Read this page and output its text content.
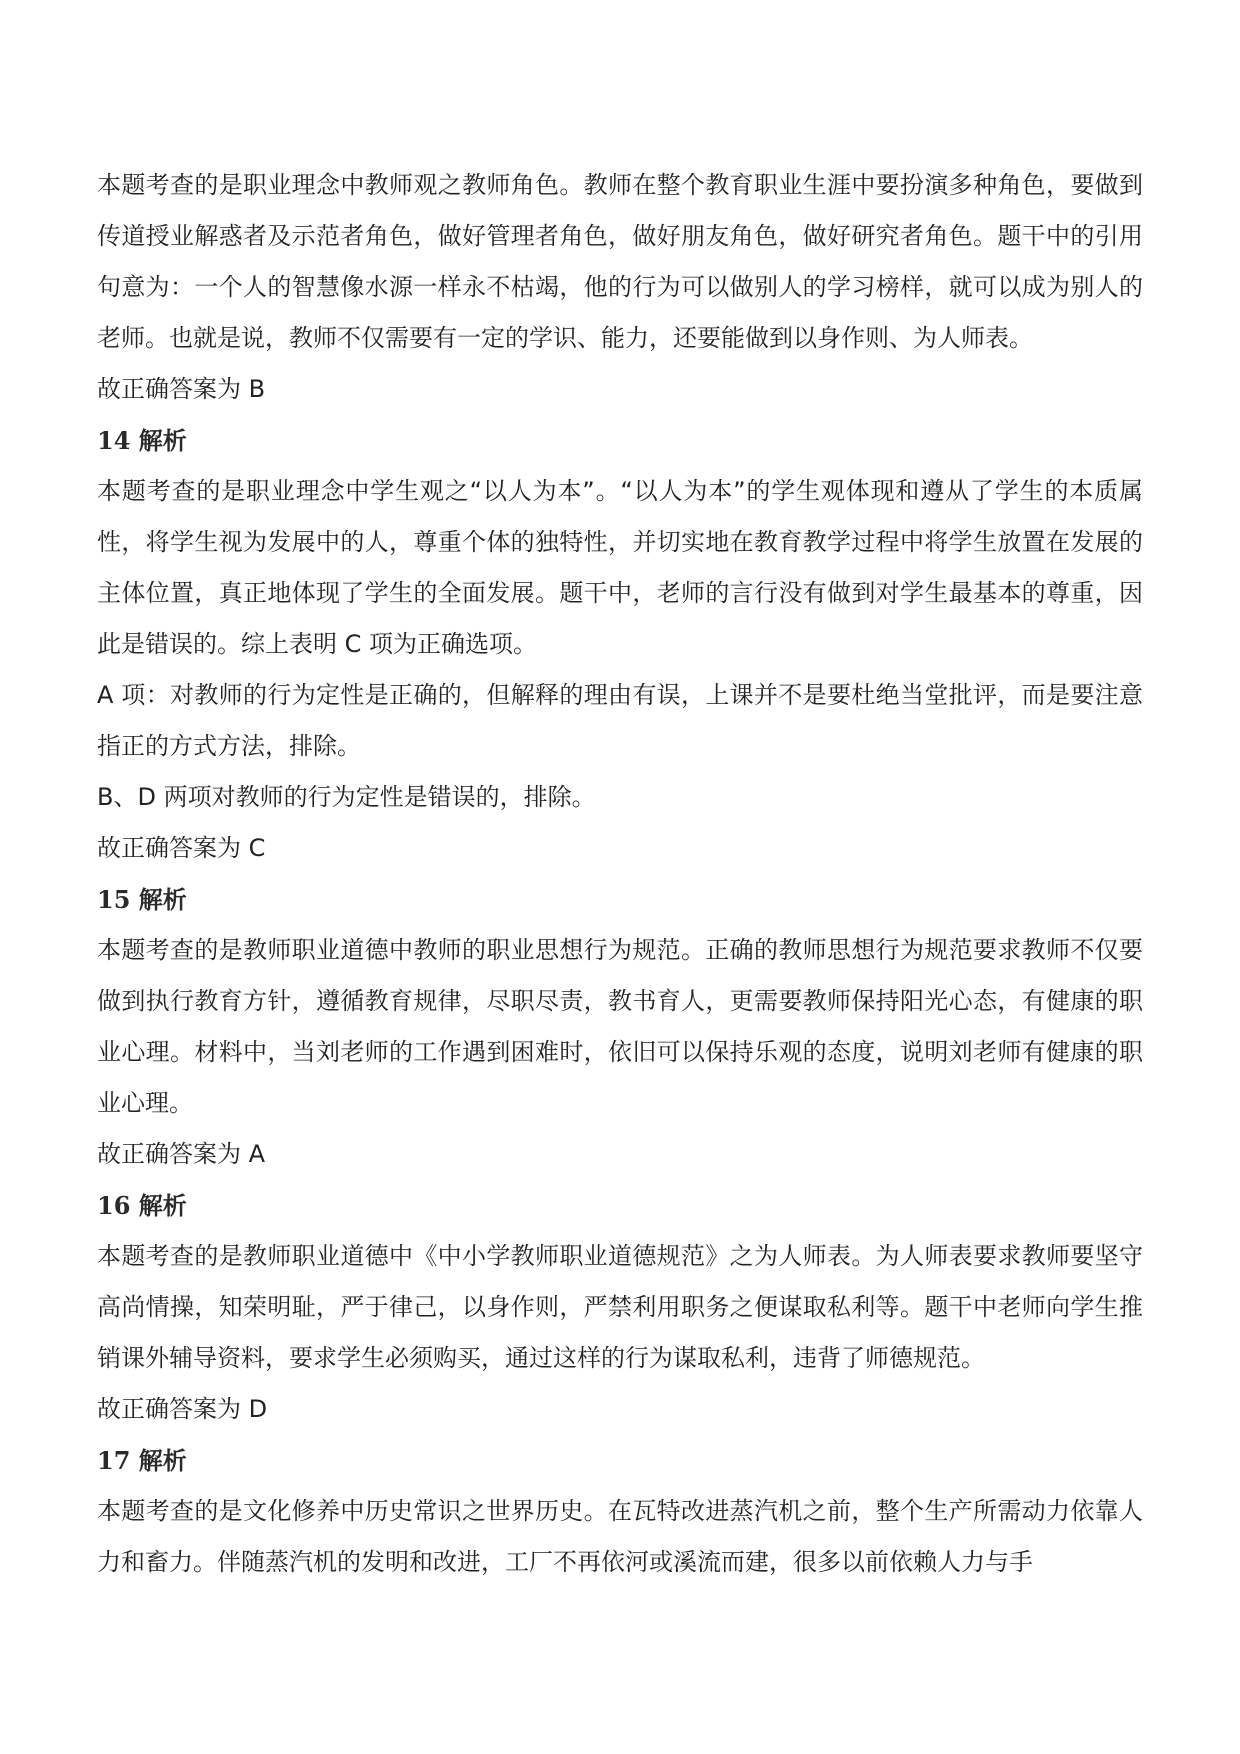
本题考查的是职业理念中教师观之教师角色。教师在整个教育职业生涯中要扮演多种角色，要做到传道授业解惑者及示范者角色，做好管理者角色，做好朋友角色，做好研究者角色。题干中的引用句意为：一个人的智慧像水源一样永不枯竭，他的行为可以做别人的学习榜样，就可以成为别人的老师。也就是说，教师不仅需要有一定的学识、能力，还要能做到以身作则、为人师表。

故正确答案为 B

14 解析

本题考查的是职业理念中学生观之“以人为本”。“以人为本”的学生观体现和遵从了学生的本质属性，将学生视为发展中的人，尊重个体的独特性，并切实地在教育教学过程中将学生放置在发展的主体位置，真正地体现了学生的全面发展。题干中，老师的言行没有做到对学生最基本的尊重，因此是错误的。综上表明 C 项为正确选项。

A 项：对教师的行为定性是正确的，但解释的理由有误，上课并不是要杜绝当堂批评，而是要注意指正的方式方法，排除。

B、D 两项对教师的行为定性是错误的，排除。

故正确答案为 C

15 解析

本题考查的是教师职业道德中教师的职业思想行为规范。正确的教师思想行为规范要求教师不仅要做到执行教育方针，遵循教育规律，尽职尽责，教书育人，更需要教师保持阳光心态，有健康的职业心理。材料中，当刘老师的工作遇到困难时，依旧可以保持乐观的态度，说明刘老师有健康的职业心理。

故正确答案为 A

16 解析

本题考查的是教师职业道德中《中小学教师职业道德规范》之为人师表。为人师表要求教师要坚守高尚情操，知荣明耻，严于律己，以身作则，严禁利用职务之便谋取私利等。题干中老师向学生推销课外辅导资料，要求学生必须购买，通过这样的行为谋取私利，违背了师德规范。

故正确答案为 D

17 解析

本题考查的是文化修养中历史常识之世界历史。在瓦特改进蒸汽机之前，整个生产所需动力依靠人力和畜力。伴随蒸汽机的发明和改进，工厂不再依河或溪流而建，很多以前依赖人力与手
